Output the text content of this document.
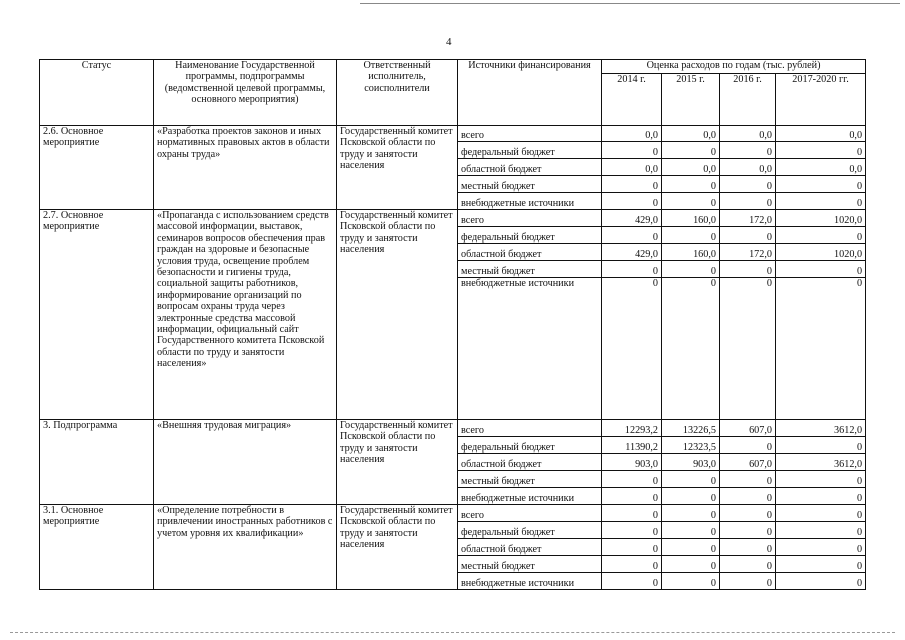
4
Статус	Наименование Государственной программы, подпрограммы (ведомственной целевой программы, основного мероприятия)	Ответственный исполнитель, соисполнители	Источники финансирования	Оценка расходов по годам (тыс. рублей)			
				2014 г.	2015 г.	2016 г.	2017-2020 гг.
2.6. Основное мероприятие	«Разработка проектов законов и иных нормативных правовых актов в области охраны труда»	Государственный комитет Псковской области по труду и занятости населения	всего	0,0	0,0	0,0	0,0
			федеральный бюджет	0	0	0	0
			областной бюджет	0,0	0,0	0,0	0,0
			местный бюджет	0	0	0	0
			внебюджетные источники	0	0	0	0
2.7. Основное мероприятие	«Пропаганда с использованием средств массовой информации, выставок, семинаров вопросов обеспечения прав граждан на здоровые и безопасные условия труда, освещение проблем безопасности и гигиены труда, социальной защиты работников, информирование организаций по вопросам охраны труда через электронные средства массовой информации, официальный сайт Государственного комитета Псковской области по труду и занятости населения»	Государственный комитет Псковской области по труду и занятости населения	всего	429,0	160,0	172,0	1020,0
			федеральный бюджет	0	0	0	0
			областной бюджет	429,0	160,0	172,0	1020,0
			местный бюджет	0	0	0	0
			внебюджетные источники	0	0	0	0
3. Подпрограмма	«Внешняя трудовая миграция»	Государственный комитет Псковской области по труду и занятости населения	всего	12293,2	13226,5	607,0	3612,0
			федеральный бюджет	11390,2	12323,5	0	0
			областной бюджет	903,0	903,0	607,0	3612,0
			местный бюджет	0	0	0	0
			внебюджетные источники	0	0	0	0
3.1. Основное мероприятие	«Определение потребности в привлечении иностранных работников с учетом уровня их квалификации»	Государственный комитет Псковской области по труду и занятости населения	всего	0	0	0	0
			федеральный бюджет	0	0	0	0
			областной бюджет	0	0	0	0
			местный бюджет	0	0	0	0
			внебюджетные источники	0	0	0	0
